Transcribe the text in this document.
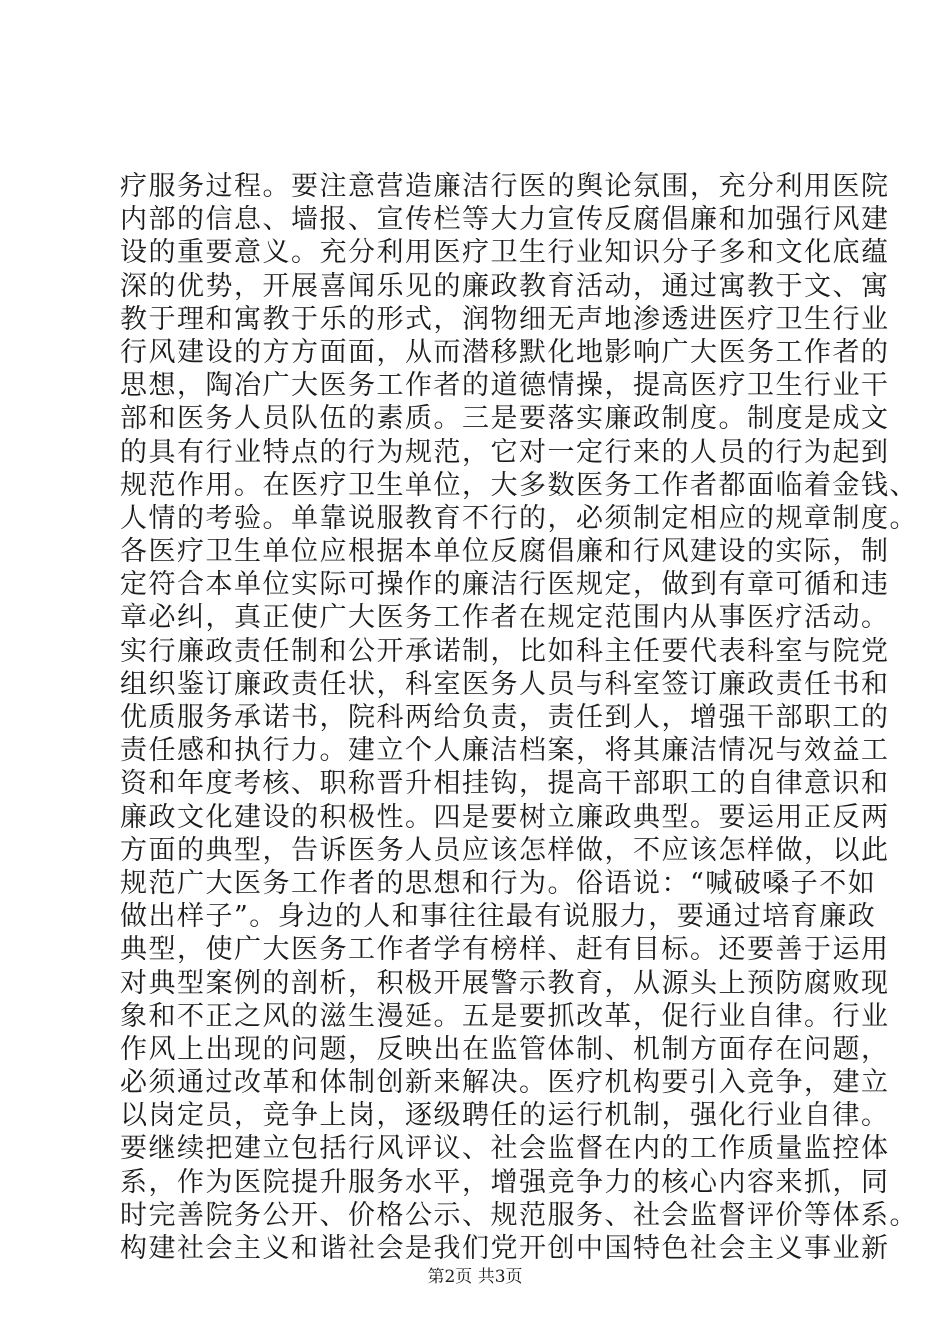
疗服务过程。要注意营造廉洁行医的舆论氛围，充分利用医院
内部的信息、墙报、宣传栏等大力宣传反腐倡廉和加强行风建
设的重要意义。充分利用医疗卫生行业知识分子多和文化底蕴
深的优势，开展喜闻乐见的廉政教育活动，通过寓教于文、寓
教于理和寓教于乐的形式，润物细无声地渗透进医疗卫生行业
行风建设的方方面面，从而潜移默化地影响广大医务工作者的
思想，陶冶广大医务工作者的道德情操，提高医疗卫生行业干
部和医务人员队伍的素质。三是要落实廉政制度。制度是成文
的具有行业特点的行为规范，它对一定行来的人员的行为起到
规范作用。在医疗卫生单位，大多数医务工作者都面临着金钱、
人情的考验。单靠说服教育不行的，必须制定相应的规章制度。
各医疗卫生单位应根据本单位反腐倡廉和行风建设的实际，制
定符合本单位实际可操作的廉洁行医规定，做到有章可循和违
章必纠，真正使广大医务工作者在规定范围内从事医疗活动。
实行廉政责任制和公开承诺制，比如科主任要代表科室与院党
组织鉴订廉政责任状，科室医务人员与科室签订廉政责任书和
优质服务承诺书，院科两给负责，责任到人，增强干部职工的
责任感和执行力。建立个人廉洁档案，将其廉洁情况与效益工
资和年度考核、职称晋升相挂钩，提高干部职工的自律意识和
廉政文化建设的积极性。四是要树立廉政典型。要运用正反两
方面的典型，告诉医务人员应该怎样做，不应该怎样做，以此
规范广大医务工作者的思想和行为。俗语说：“喊破嗓子不如
做出样子”。身边的人和事往往最有说服力，要通过培育廉政
典型，使广大医务工作者学有榜样、赶有目标。还要善于运用
对典型案例的剖析，积极开展警示教育，从源头上预防腐败现
象和不正之风的滋生漫延。五是要抓改革，促行业自律。行业
作风上出现的问题，反映出在监管体制、机制方面存在问题，
必须通过改革和体制创新来解决。医疗机构要引入竞争，建立
以岗定员，竞争上岗，逐级聘任的运行机制，强化行业自律。
要继续把建立包括行风评议、社会监督在内的工作质量监控体
系，作为医院提升服务水平，增强竞争力的核心内容来抓，同
时完善院务公开、价格公示、规范服务、社会监督评价等体系。
构建社会主义和谐社会是我们党开创中国特色社会主义事业新
第2页 共3页
